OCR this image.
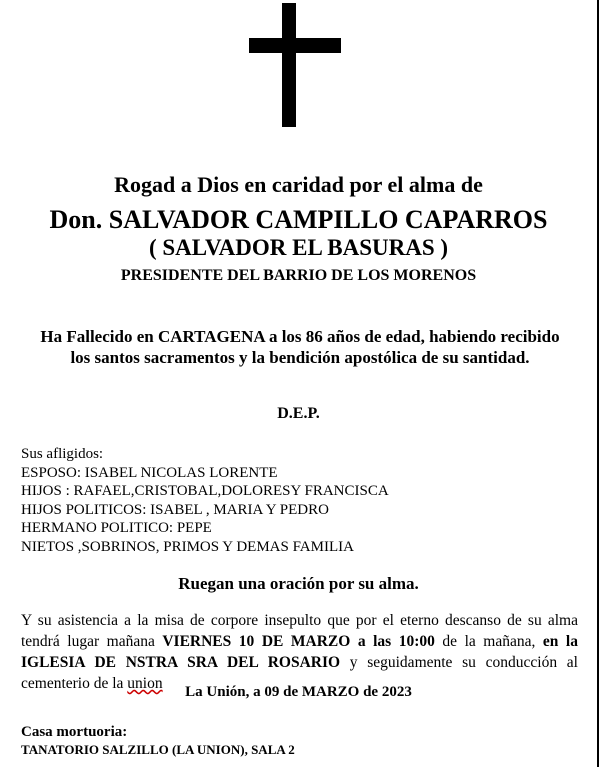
Rogad a Dios en caridad por el alma de
Don. SALVADOR CAMPILLO CAPARROS
( SALVADOR EL BASURAS )
PRESIDENTE DEL BARRIO DE LOS MORENOS
Ha Fallecido en CARTAGENA a los 86 años de edad, habiendo recibido los santos sacramentos y la bendición apostólica de su santidad.
D.E.P.
Sus afligidos:
ESPOSO: ISABEL NICOLAS LORENTE
HIJOS : RAFAEL,CRISTOBAL,DOLORESY FRANCISCA
HIJOS POLITICOS: ISABEL , MARIA Y PEDRO
HERMANO POLITICO: PEPE
NIETOS ,SOBRINOS, PRIMOS Y DEMAS FAMILIA
Ruegan una oración por su alma.
Y su asistencia a la misa de corpore insepulto que por el eterno descanso de su alma tendrá lugar mañana VIERNES 10 DE MARZO a las 10:00 de la mañana, en la IGLESIA DE NSTRA SRA DEL ROSARIO y seguidamente su conducción al cementerio de la union	La Unión, a 09 de MARZO de 2023
Casa mortuoria:
TANATORIO SALZILLO (LA UNION), SALA 2
